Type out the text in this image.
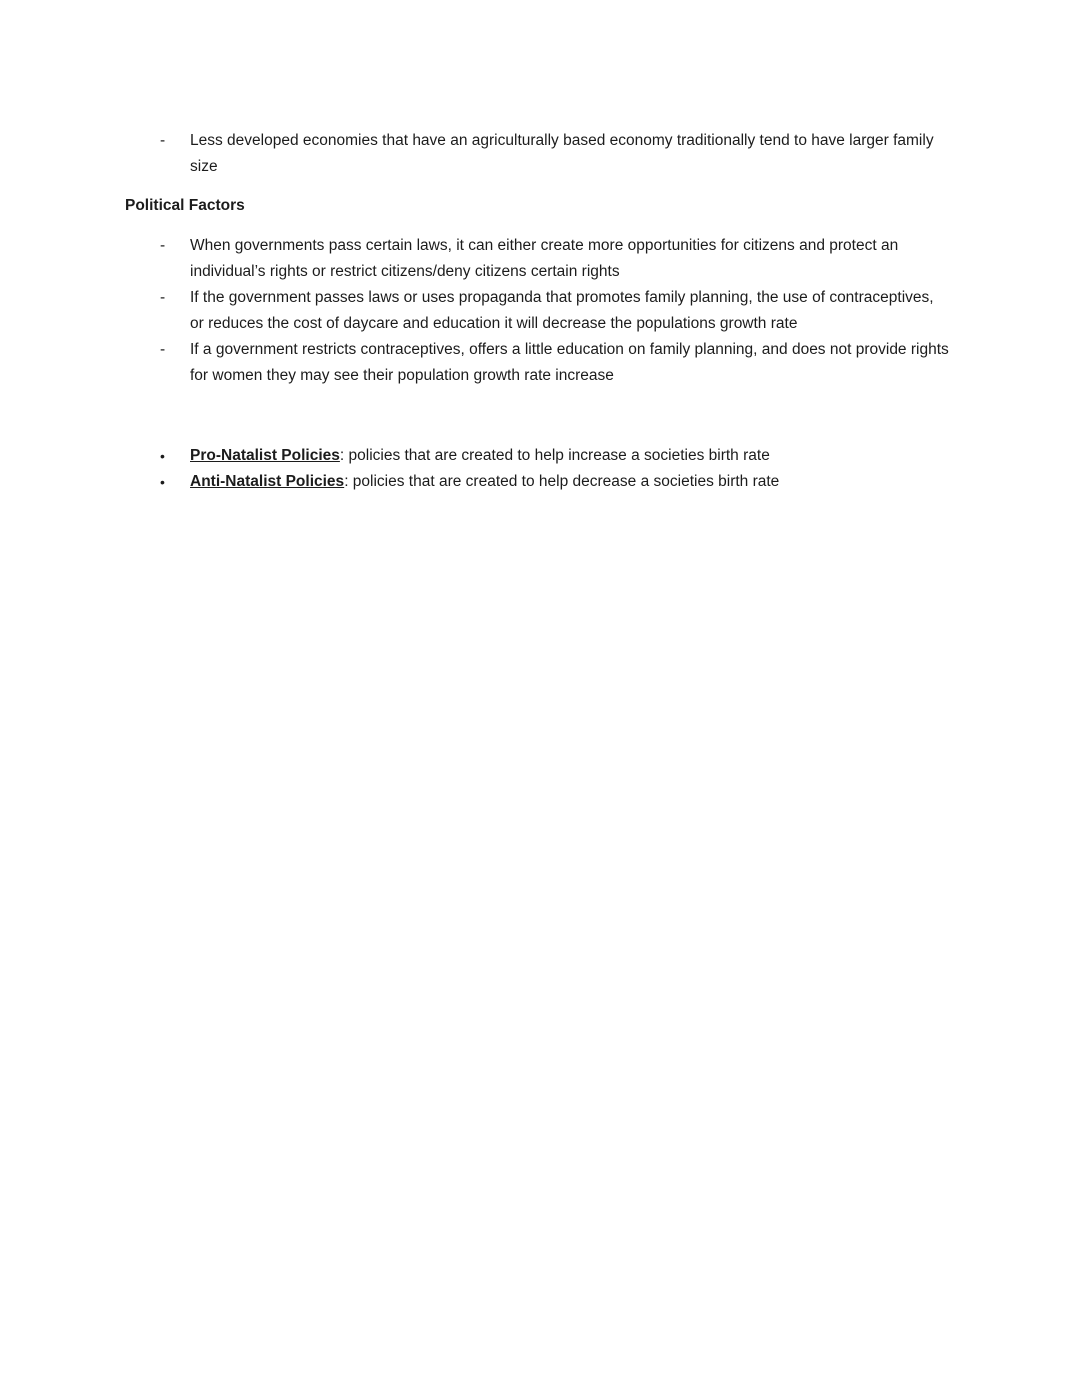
-	Less developed economies that have an agriculturally based economy traditionally tend to have larger family size

Political Factors

-	When governments pass certain laws, it can either create more opportunities for citizens and protect an individual’s rights or restrict citizens/deny citizens certain rights
-	If the government passes laws or uses propaganda that promotes family planning, the use of contraceptives, or reduces the cost of daycare and education it will decrease the populations growth rate
-	If a government restricts contraceptives, offers a little education on family planning, and does not provide rights for women they may see their population growth rate increase
•	Pro-Natalist Policies: policies that are created to help increase a societies birth rate
•	Anti-Natalist Policies: policies that are created to help decrease a societies birth rate
